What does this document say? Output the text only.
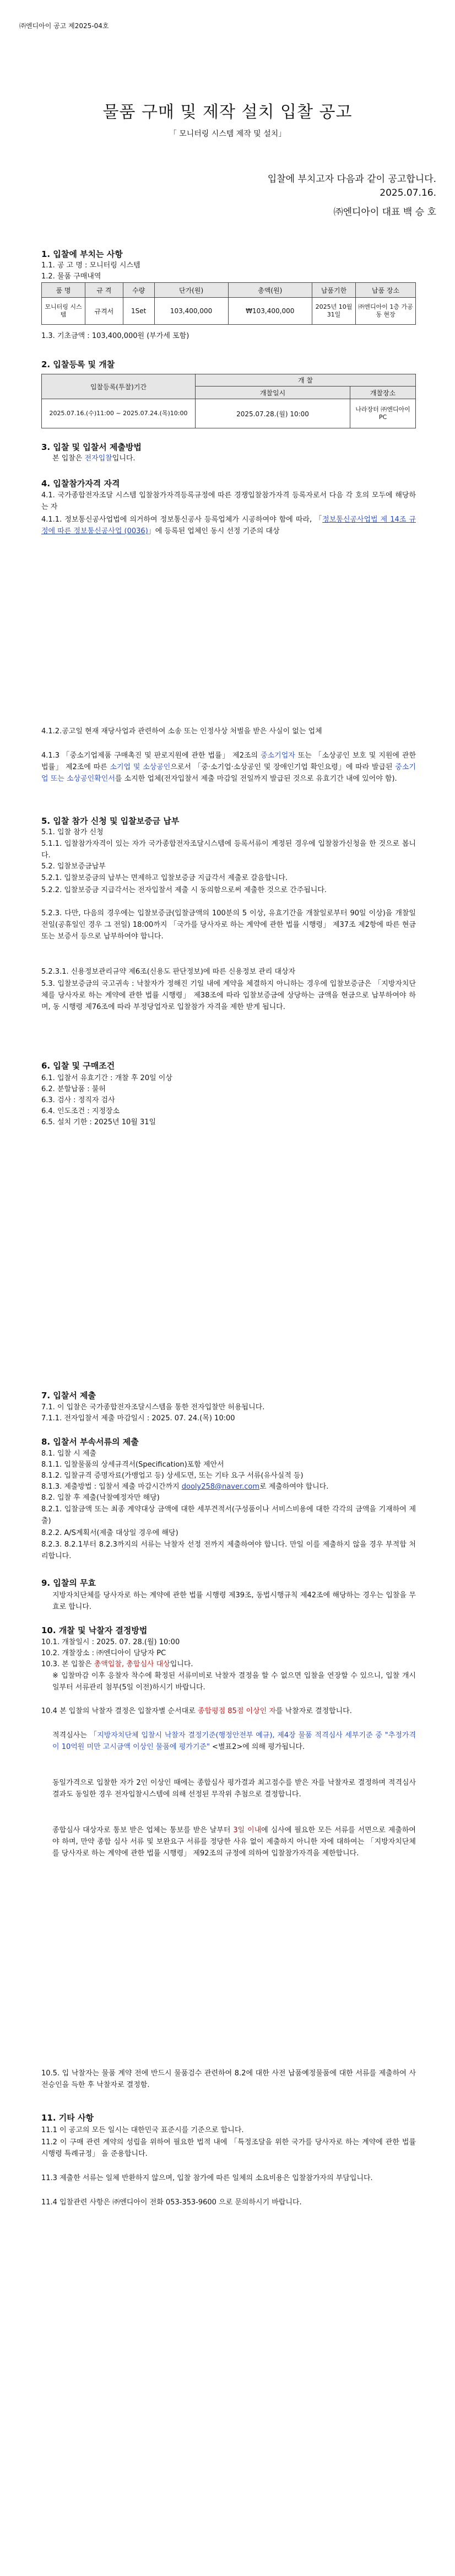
㈜엔디아이 공고 제2025-04호
물품 구매 및 제작 설치 입찰 공고
「 모니터링 시스템 제작 및 설치」
입찰에 부치고자 다음과 같이 공고합니다.
2025.07.16.
㈜엔디아이 대표 백 승 호
1. 입찰에 부치는 사항
1.1. 공 고 명 : 모니터링 시스템
1.2. 물품 구매내역
품 명	규 격	수량	단가(원)	총액(원)	납품기한	납품 장소
모니터링 시스템	규격서	1Set	103,400,000	₩103,400,000	2025년 10월 31일	㈜엔디아이 1층 가공동 현장
1.3. 기초금액 : 103,400,000원 (부가세 포함)
2. 입찰등록 및 개찰
입찰등록(투찰)기간	개 찰	
	개찰일시	개찰장소
2025.07.16.(수)11:00 ~ 2025.07.24.(목)10:00	2025.07.28.(월) 10:00	나라장터 ㈜엔디아이 PC
3. 입찰 및 입찰서 제출방법
본 입찰은 전자입찰입니다.
4. 입찰참가자격 자격
4.1. 국가종합전자조달 시스템 입찰참가자격등록규정에 따른 경쟁입찰참가자격 등록자로서 다음 각 호의 모두에 해당하는 자
4.1.1. 정보통신공사업법에 의거하여 정보통신공사 등록업체가 시공하여야 함에 따라, 「정보통신공사업법 제 14조 규정에 따른 정보통신공사업 (0036)」에 등록된 업체인 동시 선정 기준의 대상
4.1.2.공고일 현재 재당사업과 관련하여 소송 또는 인정사상 처벌을 받은 사실이 없는 업체
4.1.3 「중소기업제품 구매촉진 및 판로지원에 관한 법률」 제2조의 중소기업자 또는 「소상공인 보호 및 지원에 관한 법률」 제2조에 따른 소기업 및 소상공인으로서 「중·소기업·소상공인 및 장애인기업 확인요령」에 따라 발급된 중소기업 또는 소상공인확인서를 소지한 업체(전자입찰서 제출 마감일 전일까지 발급된 것으로 유효기간 내에 있어야 함).
5. 입찰 참가 신청 및 입찰보증금 납부
5.1. 입찰 참가 신청
5.1.1. 입찰참가자격이 있는 자가 국가종합전자조달시스템에 등록서류이 계정된 경우에 입찰참가신청을 한 것으로 봅니다.
5.2. 입찰보증금납부
5.2.1. 입찰보증금의 납부는 면제하고 입찰보증금 지급각서 제출로 갈음합니다.
5.2.2. 입찰보증금 지급각서는 전자입찰서 제출 시 동의함으로써 제출한 것으로 간주됩니다.
5.2.3. 다만, 다음의 경우에는 입찰보증금(입찰금액의 100분의 5 이상, 유효기간을 개찰일로부터 90일 이상)을 개찰일 전일(공휴일인 경우 그 전일) 18:00까지 「국가를 당사자로 하는 계약에 관한 법률 시행령」 제37조 제2항에 따른 현금 또는 보증서 등으로 납부하여야 합니다.
5.2.3.1. 신용정보관리규약 제6조(신용도 판단정보)에 따른 신용정보 관리 대상자
5.3. 입찰보증금의 국고귀속 : 낙찰자가 정해진 기일 내에 계약을 체결하지 아니하는 경우에 입찰보증금은 「지방자치단체를 당사자로 하는 계약에 관한 법률 시행령」 제38조에 따라 입찰보증금에 상당하는 금액을 현금으로 납부하여야 하며, 동 시행령 제76조에 따라 부정당업자로 입찰참가 자격을 제한 받게 됩니다.
6. 입찰 및 구매조건
6.1. 입찰서 유효기간 : 개찰 후 20일 이상
6.2. 분할납품 : 불허
6.3. 검사 : 정직자 검사
6.4. 인도조건 : 지정장소
6.5. 설치 기한 : 2025년 10월 31일
7. 입찰서 제출
7.1. 이 입찰은 국가종합전자조달시스템을 통한 전자입찰만 허용됩니다.
7.1.1. 전자입찰서 제출 마감일시 : 2025. 07. 24.(목) 10:00
8. 입찰서 부속서류의 제출
8.1. 입찰 시 제출
8.1.1. 입찰물품의 상세규격서(Specification)포함 제안서
8.1.2. 입찰규격 증명자료(가맹업고 등) 상세도면, 또는 기타 요구 서류(유사실적 등)
8.1.3. 제출방법 : 입찰서 제출 마감시간까지 dooly258@naver.com로 제출하여야 합니다.
8.2. 입찰 후 제출(낙찰예정자만 해당)
8.2.1. 입찰금액 또는 최종 계약대상 금액에 대한 세부견적서(구성품이나 서비스비용에 대한 각각의 금액을 기재하여 제출)
8.2.2. A/S계획서(제출 대상일 경우에 해당)
8.2.3. 8.2.1부터 8.2.3까지의 서류는 낙찰자 선정 전까지 제출하여야 합니다. 만일 이를 제출하지 않을 경우 부적합 처리합니다.
9. 입찰의 무효
지방자치단체를 당사자로 하는 계약에 관한 법률 시행령 제39조, 동법시행규칙 제42조에 해당하는 경우는 입찰을 무효로 합니다.
10. 개찰 및 낙찰자 결정방법
10.1. 개찰일시 : 2025. 07. 28.(월) 10:00
10.2. 개찰장소 : ㈜엔디아이 담당자 PC
10.3. 본 입찰은 총액입찰, 총합심사 대상입니다.
※ 입찰마감 이후 응찰자 착수에 확정된 서류미비로 낙찰자 결정을 할 수 없으면 입찰을 연장할 수 있으니, 입찰 개시일부터 서류관리 첨부(5일 이전)하시기 바랍니다.
10.4 본 입찰의 낙찰자 결정은 입찰자별 순서대로 종합평점 85점 이상인 자를 낙찰자로 결정합니다.
적격심사는 「지방자치단체 입찰시 낙찰자 결정기준(행정안전부 예규), 제4장 물품 적격심사 세부기준 중 "추정가격이 10억원 미만 고시금액 이상인 물품에 평가기준" <별표2>에 의해 평가됩니다.
동일가격으로 입찰한 자가 2인 이상인 때에는 종합심사 평가결과 최고점수를 받은 자를 낙찰자로 결정하며 적격심사 결과도 동일한 경우 전자입찰시스템에 의해 선정된 무작위 추첨으로 결정합니다.
종합심사 대상자로 통보 받은 업체는 통보를 받은 날부터 3일 이내에 심사에 필요한 모든 서류를 서면으로 제출하여야 하며, 만약 종합 심사 서류 및 보완요구 서류를 정당한 사유 없이 제출하지 아니한 자에 대하여는 「지방자치단체를 당사자로 하는 계약에 관한 법률 시행령」 제92조의 규정에 의하여 입찰참가자격을 제한합니다.
10.5. 입 낙찰자는 물품 계약 전에 반드시 물품검수 관련하여 8.2에 대한 사전 납품예정물품에 대한 서류를 제출하여 사전승인을 득한 후 낙찰자로 결정함.
11. 기타 사항
11.1 이 공고의 모든 일시는 대한민국 표준시를 기준으로 합니다.
11.2 이 구매 관련 계약의 성립을 위하여 필요한 법적 내에 「특정조달을 위한 국가를 당사자로 하는 계약에 관한 법률 시행령 특례규정」 을 준용합니다.
11.3 제출한 서류는 일체 반환하지 않으며, 입찰 참가에 따른 일체의 소요비용은 입찰참가자의 부담입니다.
11.4 입찰관련 사항은 ㈜엔디아이 전화 053-353-9600 으로 문의하시기 바랍니다.
